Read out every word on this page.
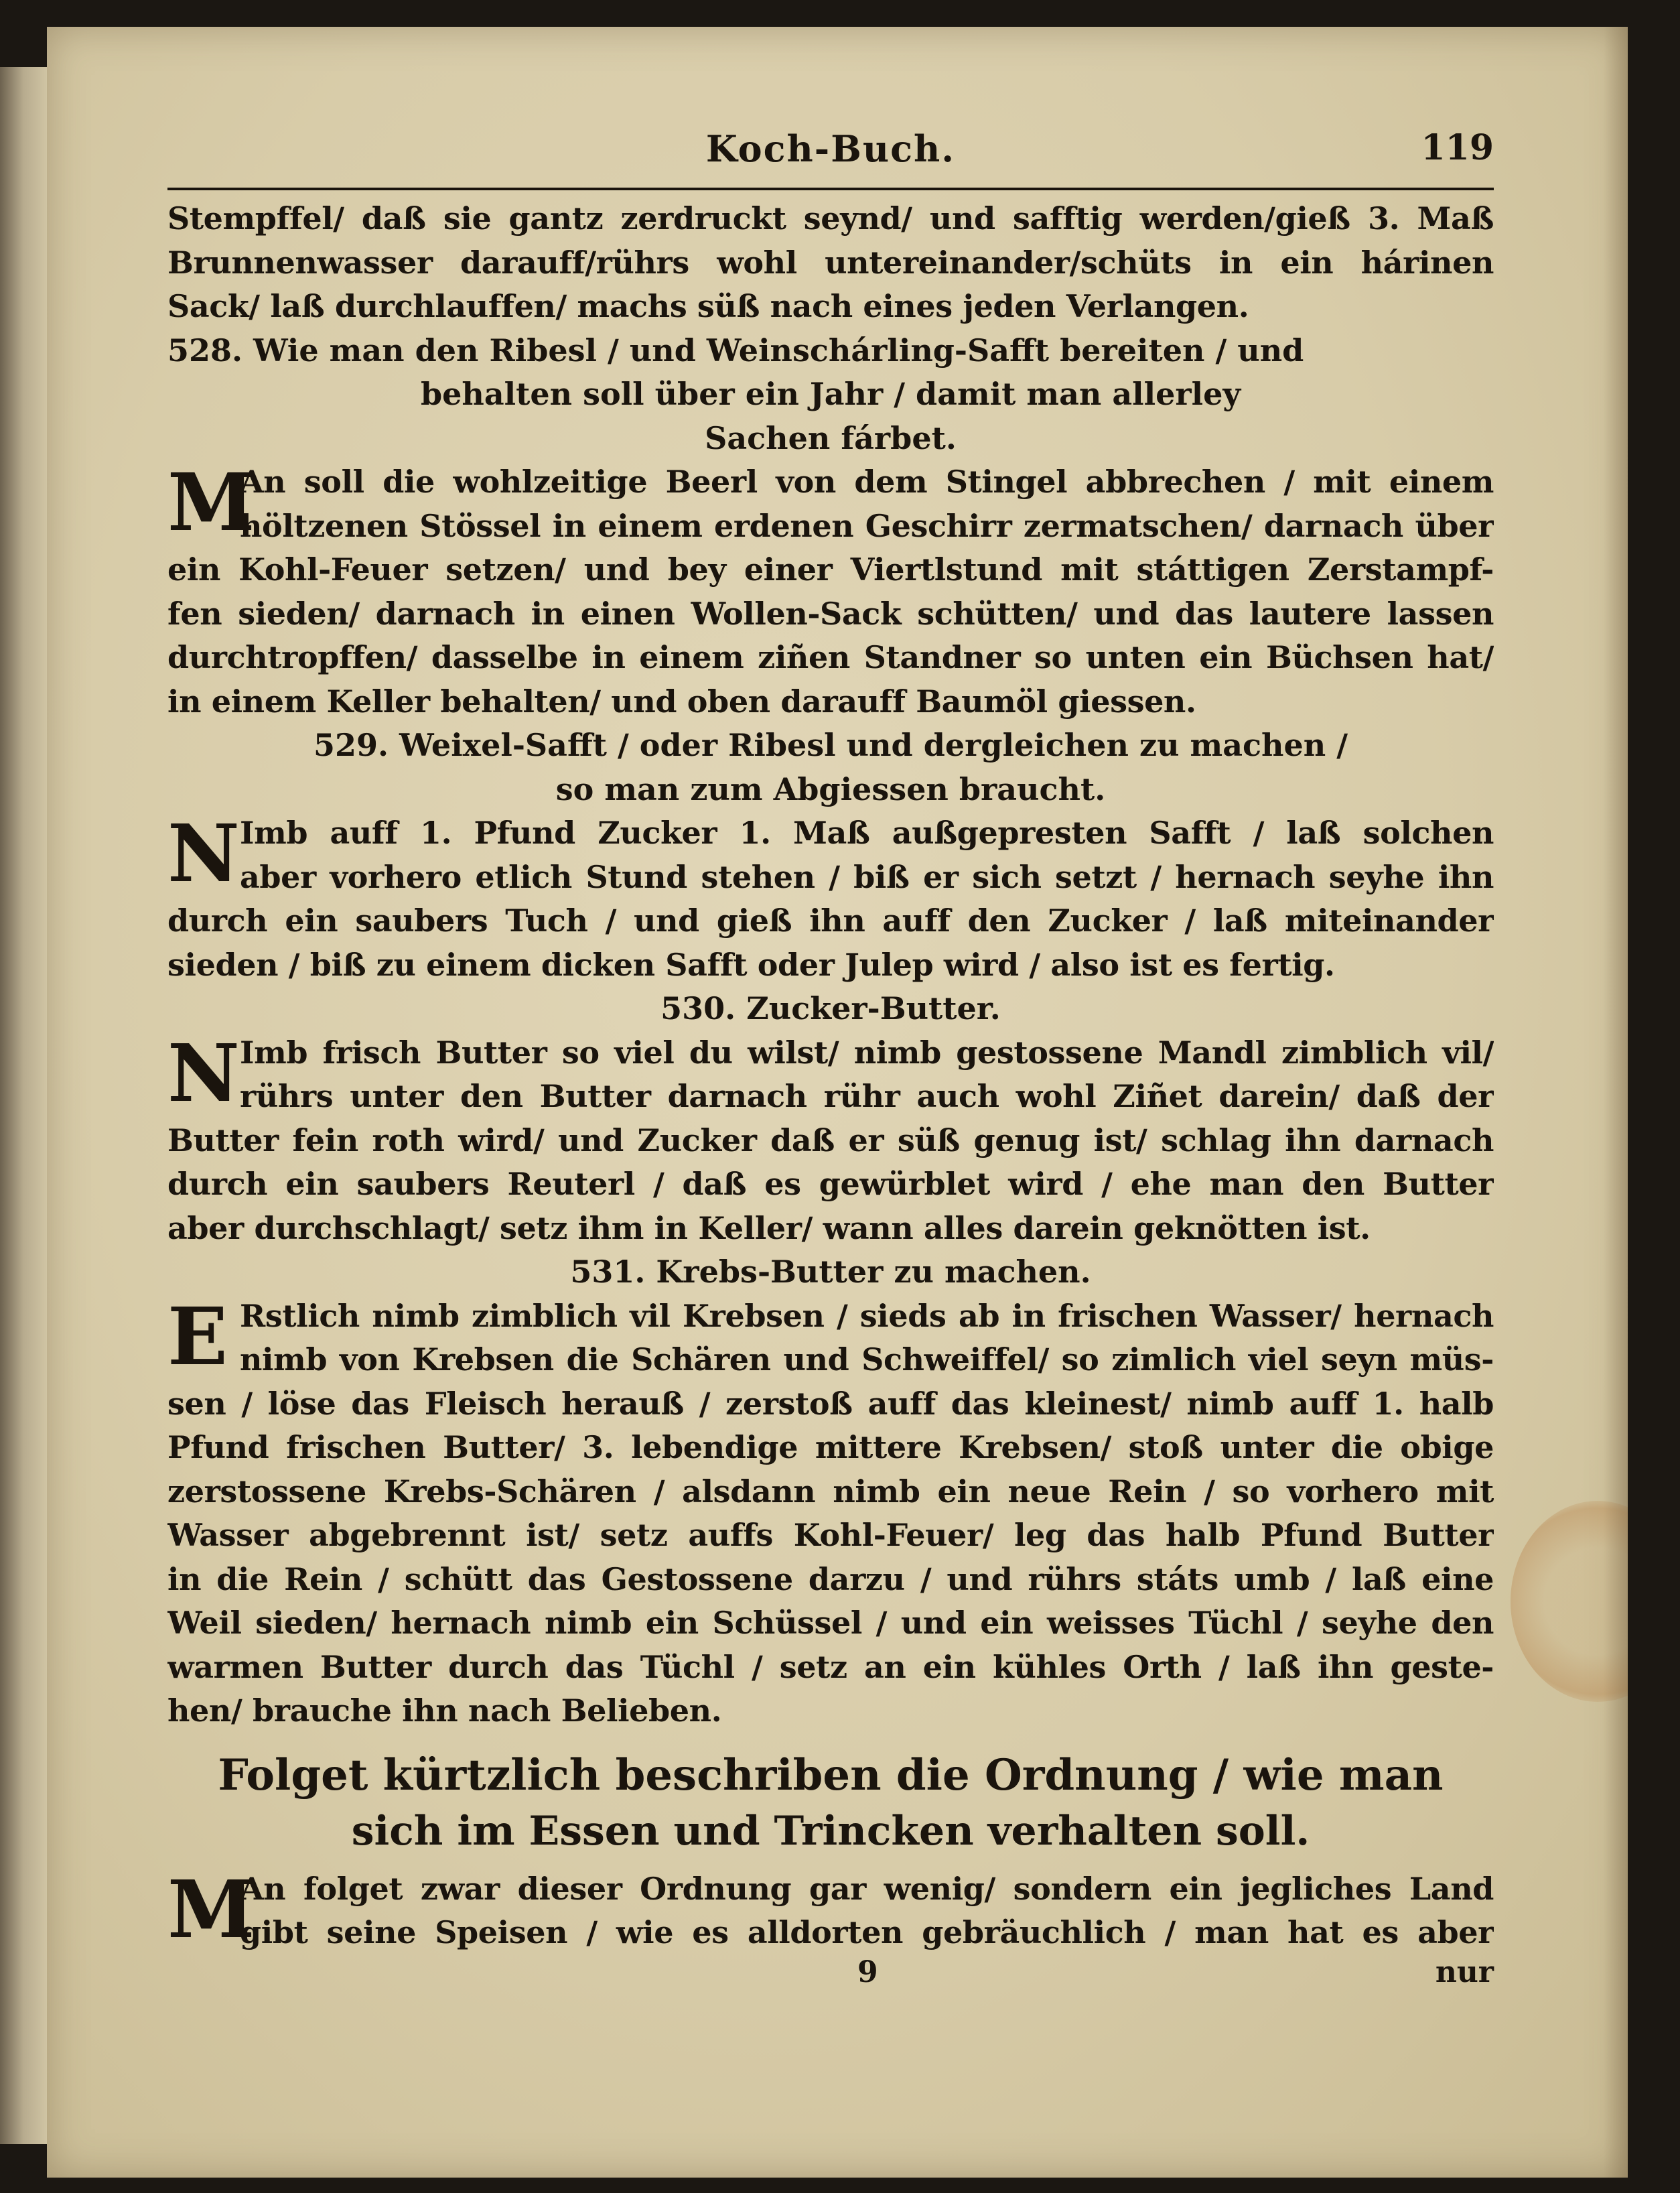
Koch-Buch.	119

Stempffel/ daß sie gantz zerdruckt seynd/ und safftig werden/gieß 3. Maß

Brunnenwasser darauff/rührs wohl untereinander/schüts in ein hárinen

Sack/ laß durchlauffen/ machs süß nach eines jeden Verlangen.

528. Wie man den Ribesl / und Weinschárling-Safft bereiten / und

behalten soll über ein Jahr / damit man allerley

Sachen fárbet.

M

An soll die wohlzeitige Beerl von dem Stingel abbrechen / mit einem

höltzenen Stössel in einem erdenen Geschirr zermatschen/ darnach über

ein Kohl-Feuer setzen/ und bey einer Viertlstund mit státtigen Zerstampf-

fen sieden/ darnach in einen Wollen-Sack schütten/ und das lautere lassen

durchtropffen/ dasselbe in einem ziñen Standner so unten ein Büchsen hat/

in einem Keller behalten/ und oben darauff Baumöl giessen.

529. Weixel-Safft / oder Ribesl und dergleichen zu machen /

so man zum Abgiessen braucht.

N Imb auff 1. Pfund Zucker 1. Maß außgepresten Safft / laß solchen

aber vorhero etlich Stund stehen / biß er sich setzt / hernach seyhe ihn

durch ein saubers Tuch / und gieß ihn auff den Zucker / laß miteinander

sieden / biß zu einem dicken Safft oder Julep wird / also ist es fertig.

530. Zucker-Butter.

N Imb frisch Butter so viel du wilst/ nimb gestossene Mandl zimblich vil/

rührs unter den Butter darnach rühr auch wohl Ziñet darein/ daß der

Butter fein roth wird/ und Zucker daß er süß genug ist/ schlag ihn darnach

durch ein saubers Reuterl / daß es gewürblet wird / ehe man den Butter

aber durchschlagt/ setz ihm in Keller/ wann alles darein geknötten ist.

531. Krebs-Butter zu machen.

E Rstlich nimb zimblich vil Krebsen / sieds ab in frischen Wasser/ hernach

nimb von Krebsen die Schären und Schweiffel/ so zimlich viel seyn müs-

sen / löse das Fleisch herauß / zerstoß auff das kleinest/ nimb auff 1. halb

Pfund frischen Butter/ 3. lebendige mittere Krebsen/ stoß unter die obige

zerstossene Krebs-Schären / alsdann nimb ein neue Rein / so vorhero mit

Wasser abgebrennt ist/ setz auffs Kohl-Feuer/ leg das halb Pfund Butter

in die Rein / schütt das Gestossene darzu / und rührs státs umb / laß eine

Weil sieden/ hernach nimb ein Schüssel / und ein weisses Tüchl / seyhe den

warmen Butter durch das Tüchl / setz an ein kühles Orth / laß ihn geste-

hen/ brauche ihn nach Belieben.

Folget kürtzlich beschriben die Ordnung / wie man

sich im Essen und Trincken verhalten soll.

M

An folget zwar dieser Ordnung gar wenig/ sondern ein jegliches Land

gibt seine Speisen / wie es alldorten gebräuchlich / man hat es aber

9	nur
